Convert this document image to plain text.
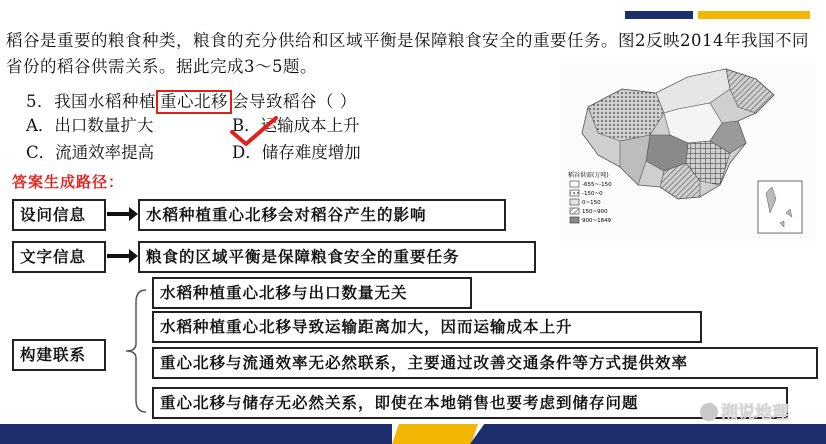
稻谷是重要的粮食种类，粮食的充分供给和区域平衡是保障粮食安全的重要任务。图2反映2014年我国不同省份的稻谷供需关系。据此完成3～5题。
5．我国水稻种植 重心北移 会导致稻谷（ ）
A．出口数量扩大	B．运输成本上升
C．流通效率提高	D．储存难度增加
稻谷供需(万吨)
-655~-150
-150~0
0~150
150~900
900~1849
答案生成路径：
设问信息	水稻种植重心北移会对稻谷产生的影响
文字信息	粮食的区域平衡是保障粮食安全的重要任务
构建联系
水稻种植重心北移与出口数量无关
水稻种植重心北移导致运输距离加大，因而运输成本上升
重心北移与流通效率无必然联系，主要通过改善交通条件等方式提供效率
重心北移与储存无必然关系，即使在本地销售也要考虑到储存问题
湘说地理
